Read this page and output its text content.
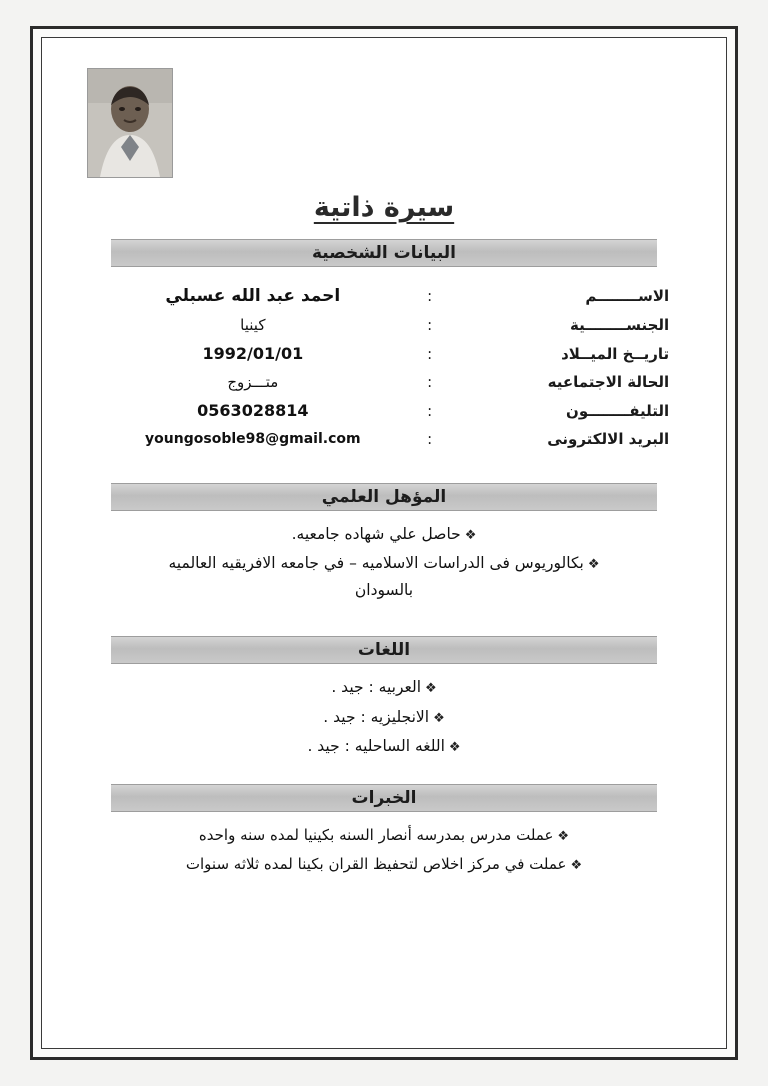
سيرة ذاتية
البيانات الشخصية
الاســــــــم	:	احمد عبد الله عسبلي
الجنســــــــية	:	كينيا
تاريــخ الميــلاد	:	1992/01/01
الحالة الاجتماعيه	:	متـــزوج
التليفــــــــون	:	0563028814
البريد الالكترونى	:	youngosoble98@gmail.com
المؤهل العلمي
❖حاصل علي شهاده جامعيه.
❖بكالوريوس فى الدراسات الاسلاميه – في جامعه الافريقيه العالميه
بالسودان
اللغات
❖العربيه : جيد .
❖الانجليزيه : جيد .
❖اللغه الساحليه : جيد .
الخبرات
❖عملت مدرس بمدرسه أنصار السنه بكينيا لمده سنه واحده
❖عملت في مركز اخلاص لتحفيظ القران بكينا لمده ثلاثه سنوات
